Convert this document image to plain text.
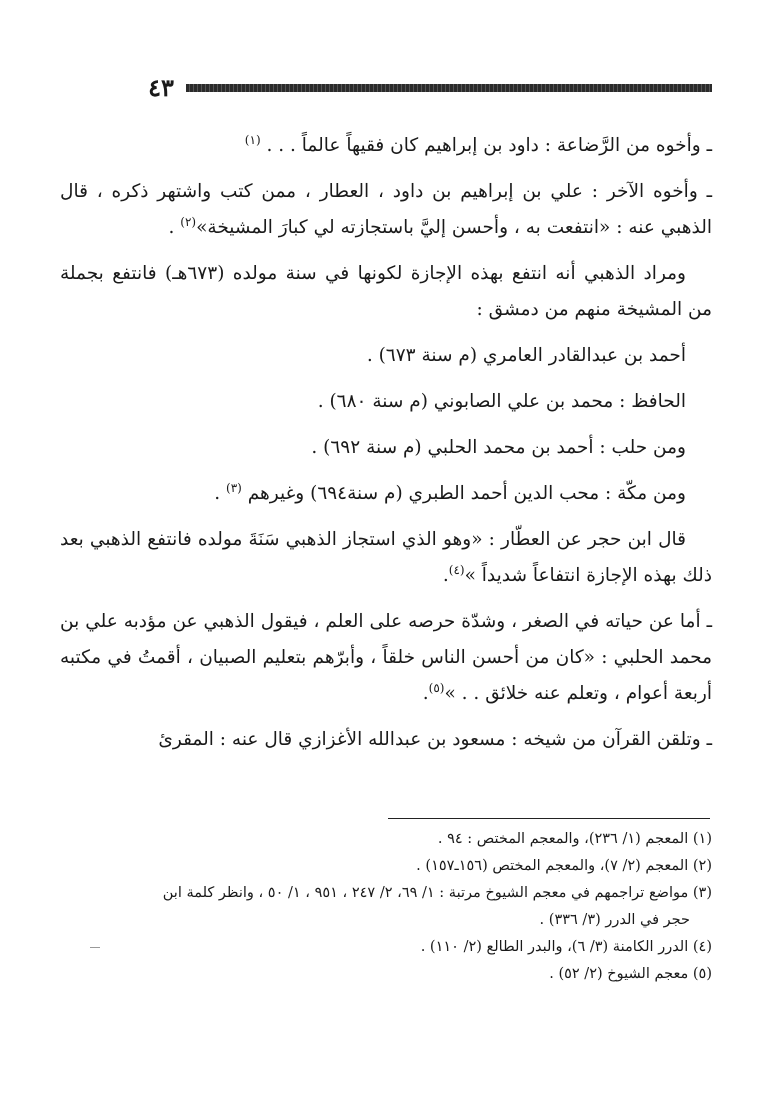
٤٣

ـ وأخوه من الرَّضاعة : داود بن إبراهيم كان فقيهاً عالماً . . . $^{(١)}$

ـ وأخوه الآخر : علي بن إبراهيم بن داود ، العطار ، ممن كتب واشتهر ذكره ، قال الذهبي عنه : «انتفعت به ، وأحسن إليَّ باستجازته لي كبارَ المشيخة»$^{(٢)}$ .

ومراد الذهبي أنه انتفع بهذه الإجازة لكونها في سنة مولده (٦٧٣هـ) فانتفع بجملة من المشيخة منهم من دمشق :

أحمد بن عبدالقادر العامري (م سنة ٦٧٣) .

الحافظ : محمد بن علي الصابوني (م سنة ٦٨٠) .

ومن حلب : أحمد بن محمد الحلبي (م سنة ٦٩٢) .

ومن مكّة : محب الدين أحمد الطبري (م سنة٦٩٤) وغيرهم $^{(٣)}$ .

قال ابن حجر عن العطّار : «وهو الذي استجاز الذهبي سَنَةَ مولده فانتفع الذهبي بعد ذلك بهذه الإجازة انتفاعاً شديداً »$^{(٤)}$.

ـ أما عن حياته في الصغر ، وشدّة حرصه على العلم ، فيقول الذهبي عن مؤدبه علي بن محمد الحلبي : «كان من أحسن الناس خلقاً ، وأبرّهم بتعليم الصبيان ، أقمتُ في مكتبه أربعة أعوام ، وتعلم عنه خلائق . . »$^{(٥)}$.

ـ وتلقن القرآن من شيخه : مسعود بن عبدالله الأغزازي قال عنه : المقرئ

(١) المعجم (١/ ٢٣٦)، والمعجم المختص : ٩٤ .

(٢) المعجم (٢/ ٧)، والمعجم المختص (١٥٦ـ١٥٧) .

(٣) مواضع تراجمهم في معجم الشيوخ مرتبة : ١/ ٦٩، ٢/ ٢٤٧ ، ٩٥١ ، ١/ ٥٠ ، وانظر كلمة ابن

حجر في الدرر (٣/ ٣٣٦) .

(٤) الدرر الكامنة (٣/ ٦)، والبدر الطالع (٢/ ١١٠) .

(٥) معجم الشيوخ (٢/ ٥٢) .
